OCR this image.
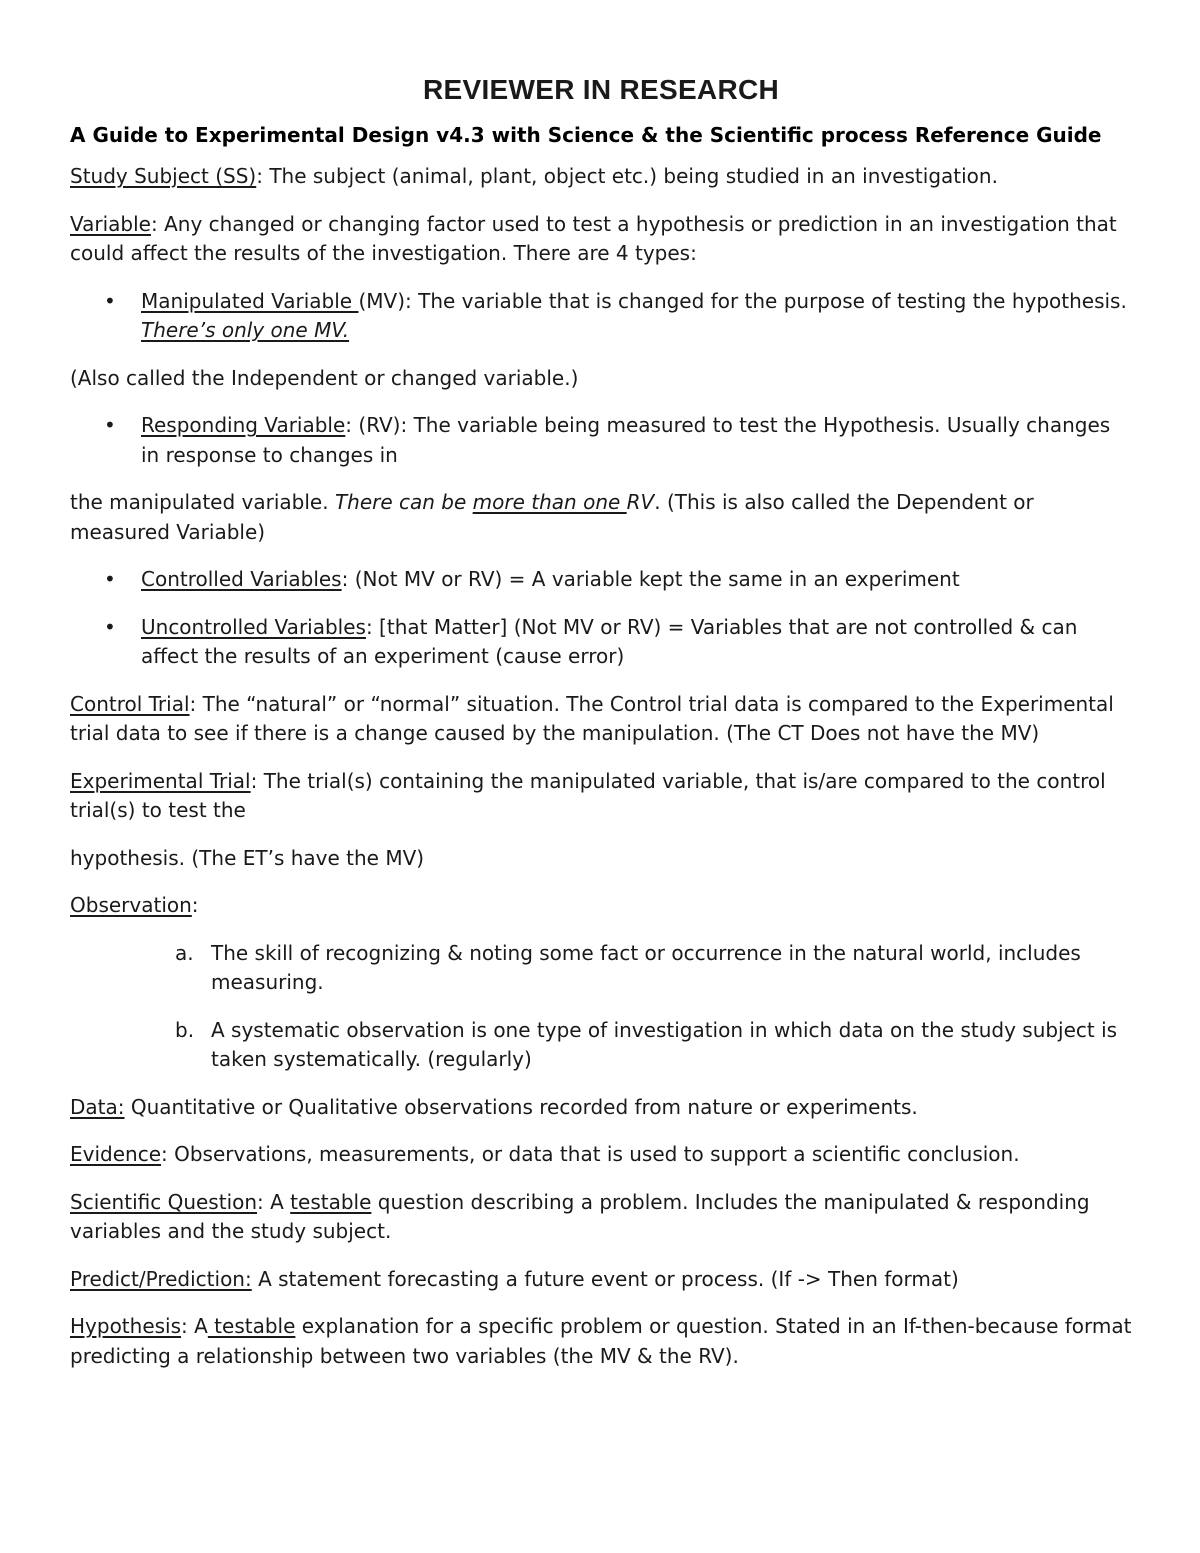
REVIEWER IN RESEARCH
A Guide to Experimental Design v4.3 with Science & the Scientific process Reference Guide

Study Subject (SS): The subject (animal, plant, object etc.) being studied in an investigation.

Variable: Any changed or changing factor used to test a hypothesis or prediction in an investigation that could affect the results of the investigation. There are 4 types:

• Manipulated Variable (MV): The variable that is changed for the purpose of testing the hypothesis. There’s only one MV.

(Also called the Independent or changed variable.)

• Responding Variable: (RV): The variable being measured to test the Hypothesis. Usually changes in response to changes in

the manipulated variable. There can be more than one RV. (This is also called the Dependent or measured Variable)

• Controlled Variables: (Not MV or RV) = A variable kept the same in an experiment
• Uncontrolled Variables: [that Matter] (Not MV or RV) = Variables that are not controlled & can affect the results of an experiment (cause error)

Control Trial: The “natural” or “normal” situation. The Control trial data is compared to the Experimental trial data to see if there is a change caused by the manipulation. (The CT Does not have the MV)

Experimental Trial: The trial(s) containing the manipulated variable, that is/are compared to the control trial(s) to test the

hypothesis. (The ET’s have the MV)

Observation:

a. The skill of recognizing & noting some fact or occurrence in the natural world, includes measuring.
b. A systematic observation is one type of investigation in which data on the study subject is taken systematically. (regularly)

Data: Quantitative or Qualitative observations recorded from nature or experiments.

Evidence: Observations, measurements, or data that is used to support a scientific conclusion.

Scientific Question: A testable question describing a problem. Includes the manipulated & responding variables and the study subject.

Predict/Prediction: A statement forecasting a future event or process. (If -> Then format)

Hypothesis: A testable explanation for a specific problem or question. Stated in an If-then-because format predicting a relationship between two variables (the MV & the RV).
